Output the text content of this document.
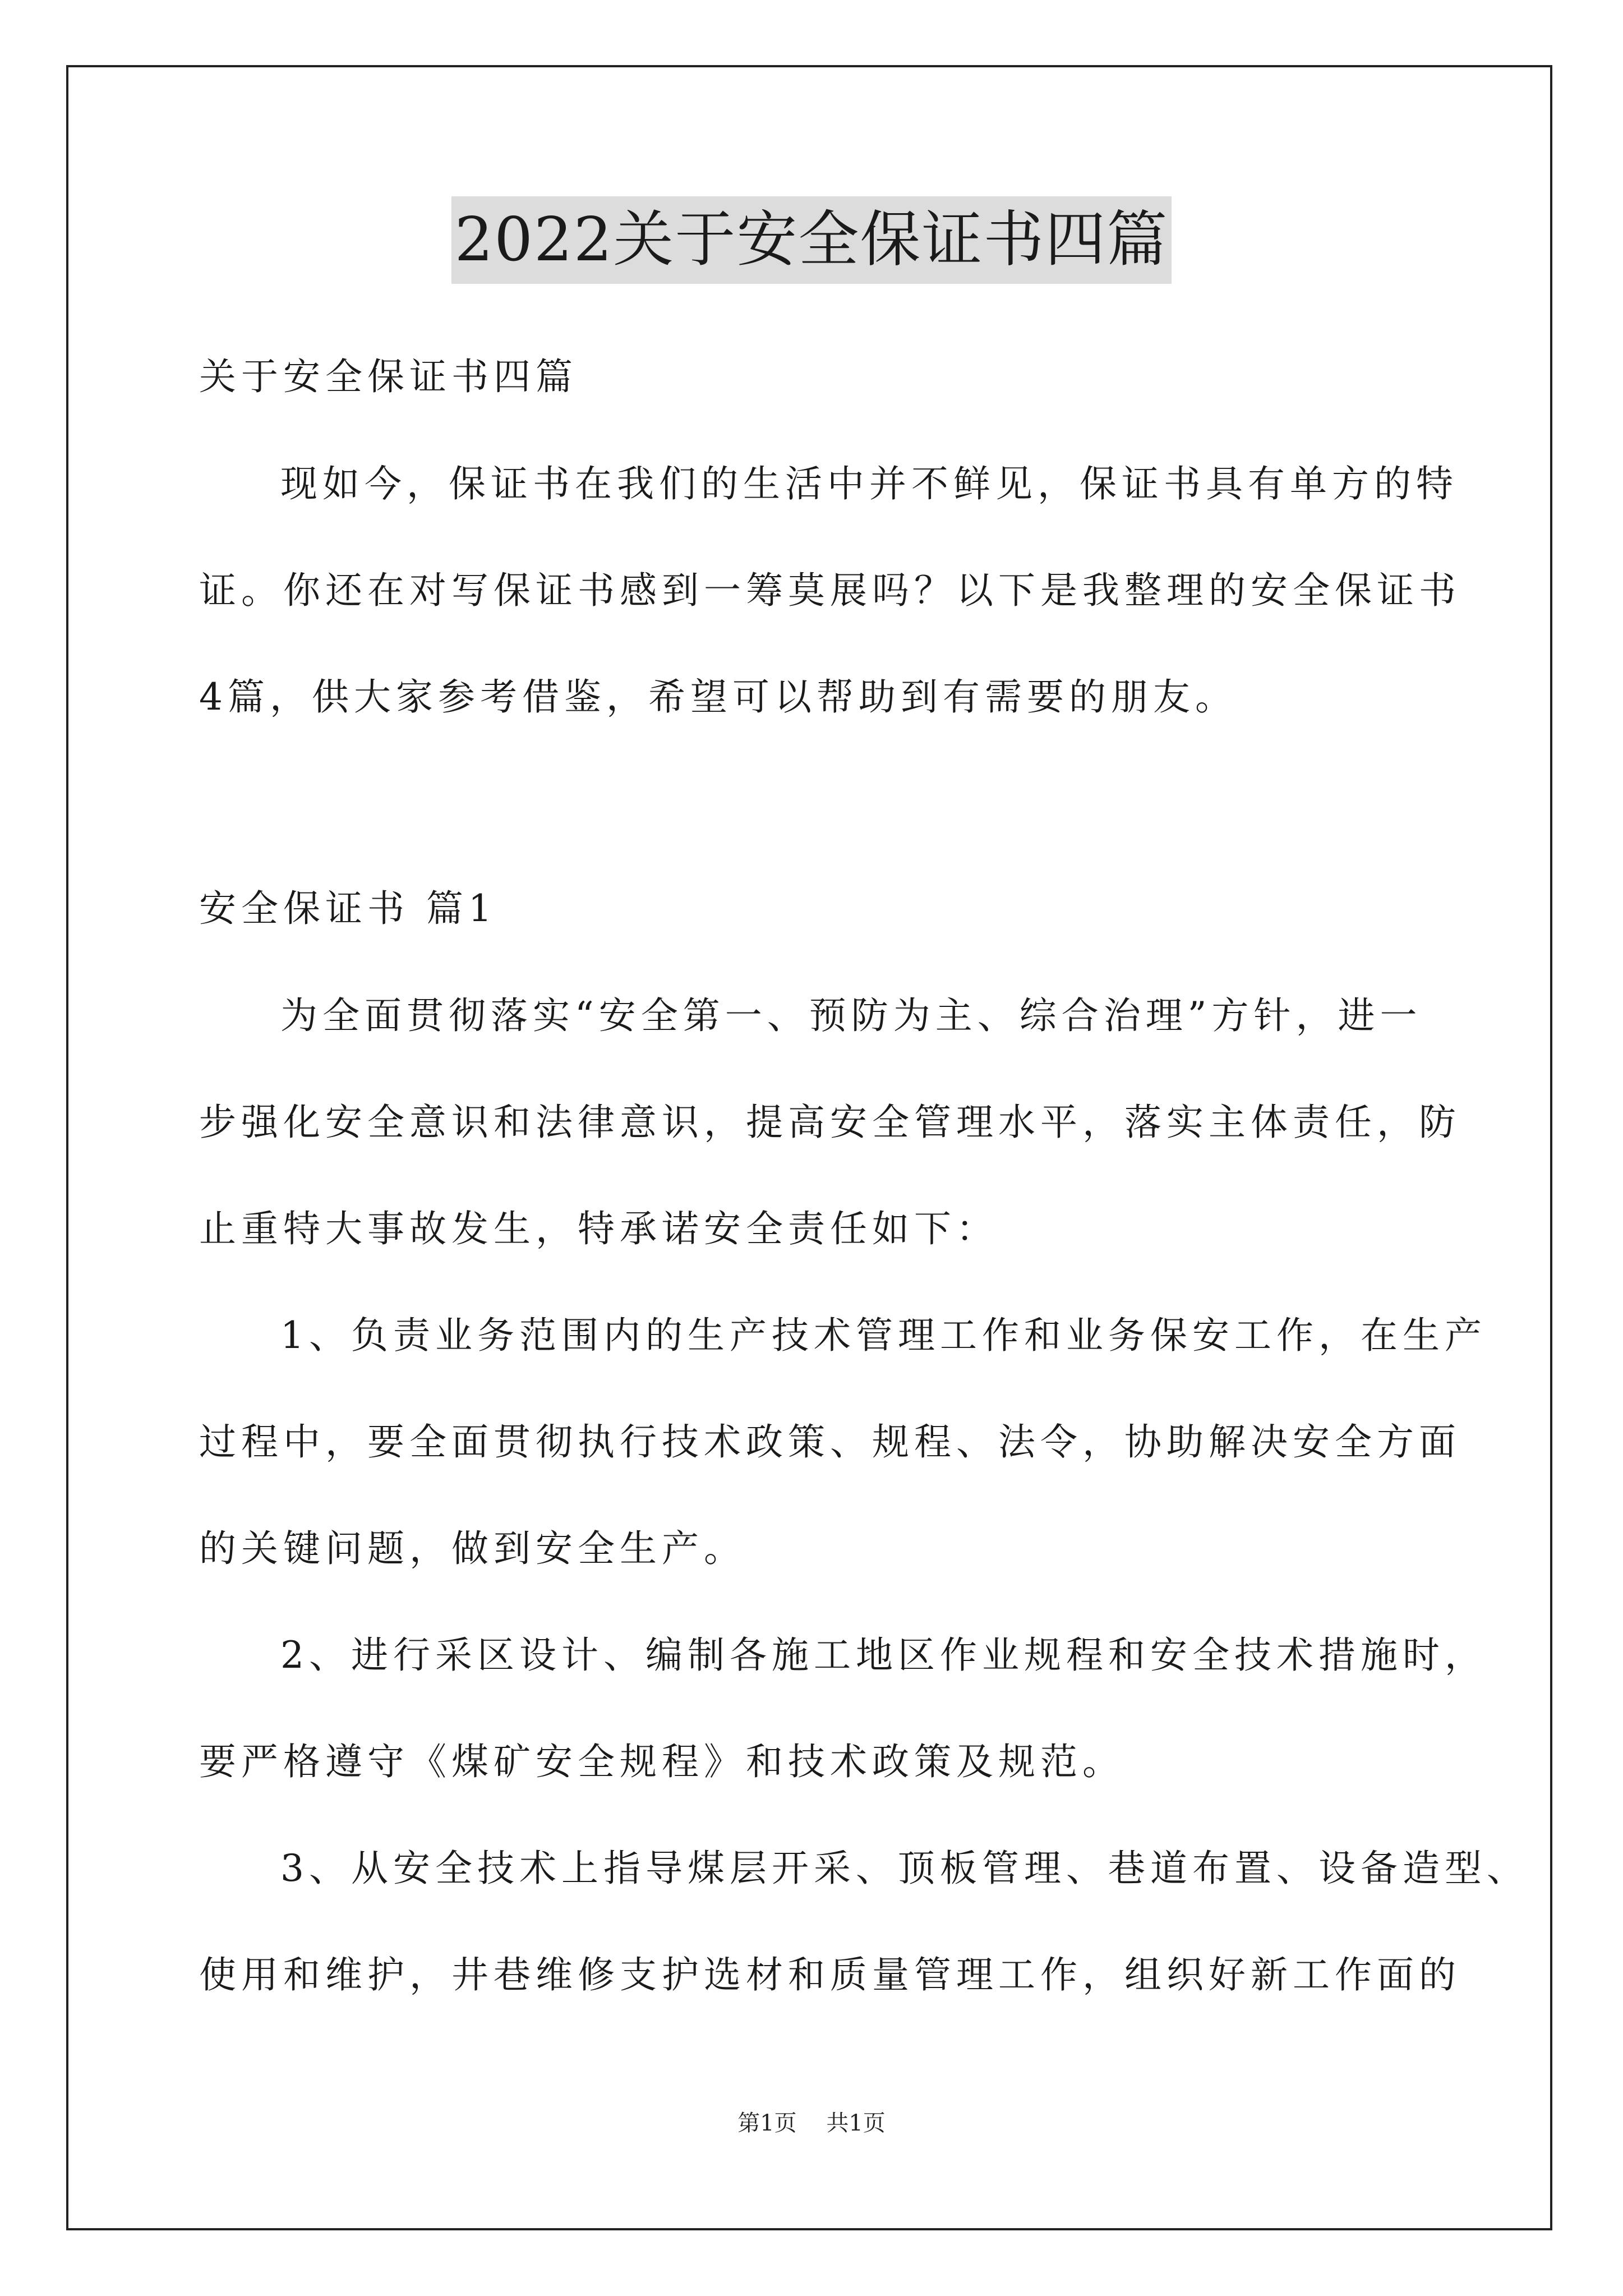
2022关于安全保证书四篇
关于安全保证书四篇
现如今，保证书在我们的生活中并不鲜见，保证书具有单方的特
证。你还在对写保证书感到一筹莫展吗？以下是我整理的安全保证书
4篇，供大家参考借鉴，希望可以帮助到有需要的朋友。
安全保证书 篇1
为全面贯彻落实“安全第一、预防为主、综合治理”方针，进一
步强化安全意识和法律意识，提高安全管理水平，落实主体责任，防
止重特大事故发生，特承诺安全责任如下：
1、负责业务范围内的生产技术管理工作和业务保安工作，在生产
过程中，要全面贯彻执行技术政策、规程、法令，协助解决安全方面
的关键问题，做到安全生产。
2、进行采区设计、编制各施工地区作业规程和安全技术措施时，
要严格遵守《煤矿安全规程》和技术政策及规范。
3、从安全技术上指导煤层开采、顶板管理、巷道布置、设备造型、
使用和维护，井巷维修支护选材和质量管理工作，组织好新工作面的
第1页 共1页
